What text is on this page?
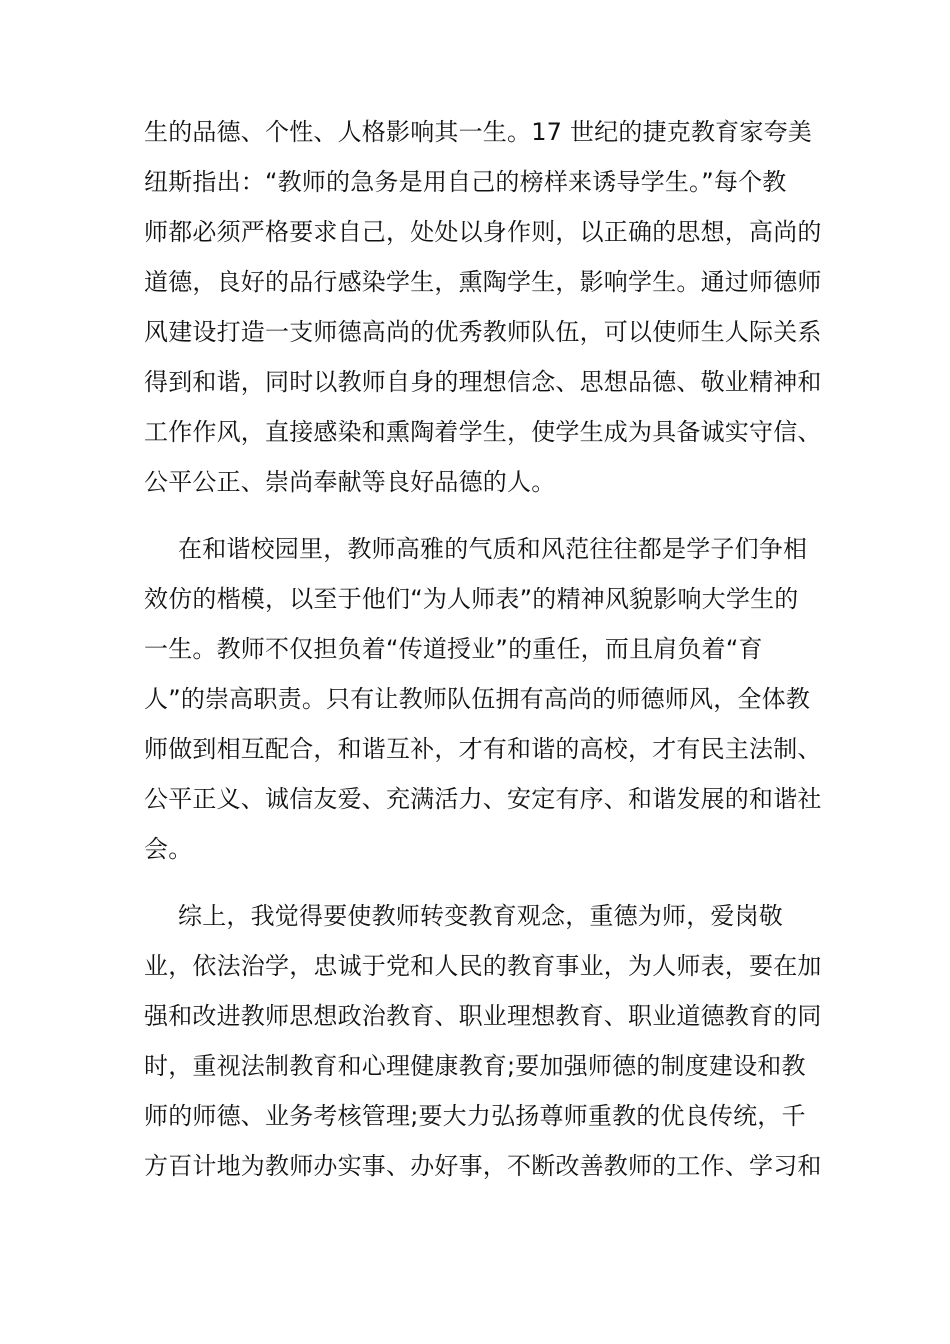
生的品德、个性、人格影响其一生。17 世纪的捷克教育家夸美
纽斯指出：“教师的急务是用自己的榜样来诱导学生。”每个教
师都必须严格要求自己，处处以身作则，以正确的思想，高尚的
道德，良好的品行感染学生，熏陶学生，影响学生。通过师德师
风建设打造一支师德高尚的优秀教师队伍，可以使师生人际关系
得到和谐，同时以教师自身的理想信念、思想品德、敬业精神和
工作作风，直接感染和熏陶着学生，使学生成为具备诚实守信、
公平公正、崇尚奉献等良好品德的人。
在和谐校园里，教师高雅的气质和风范往往都是学子们争相
效仿的楷模，以至于他们“为人师表”的精神风貌影响大学生的
一生。教师不仅担负着“传道授业”的重任，而且肩负着“育
人”的崇高职责。只有让教师队伍拥有高尚的师德师风，全体教
师做到相互配合，和谐互补，才有和谐的高校，才有民主法制、
公平正义、诚信友爱、充满活力、安定有序、和谐发展的和谐社
会。
综上，我觉得要使教师转变教育观念，重德为师，爱岗敬
业，依法治学，忠诚于党和人民的教育事业，为人师表，要在加
强和改进教师思想政治教育、职业理想教育、职业道德教育的同
时，重视法制教育和心理健康教育;要加强师德的制度建设和教
师的师德、业务考核管理;要大力弘扬尊师重教的优良传统，千
方百计地为教师办实事、办好事，不断改善教师的工作、学习和
